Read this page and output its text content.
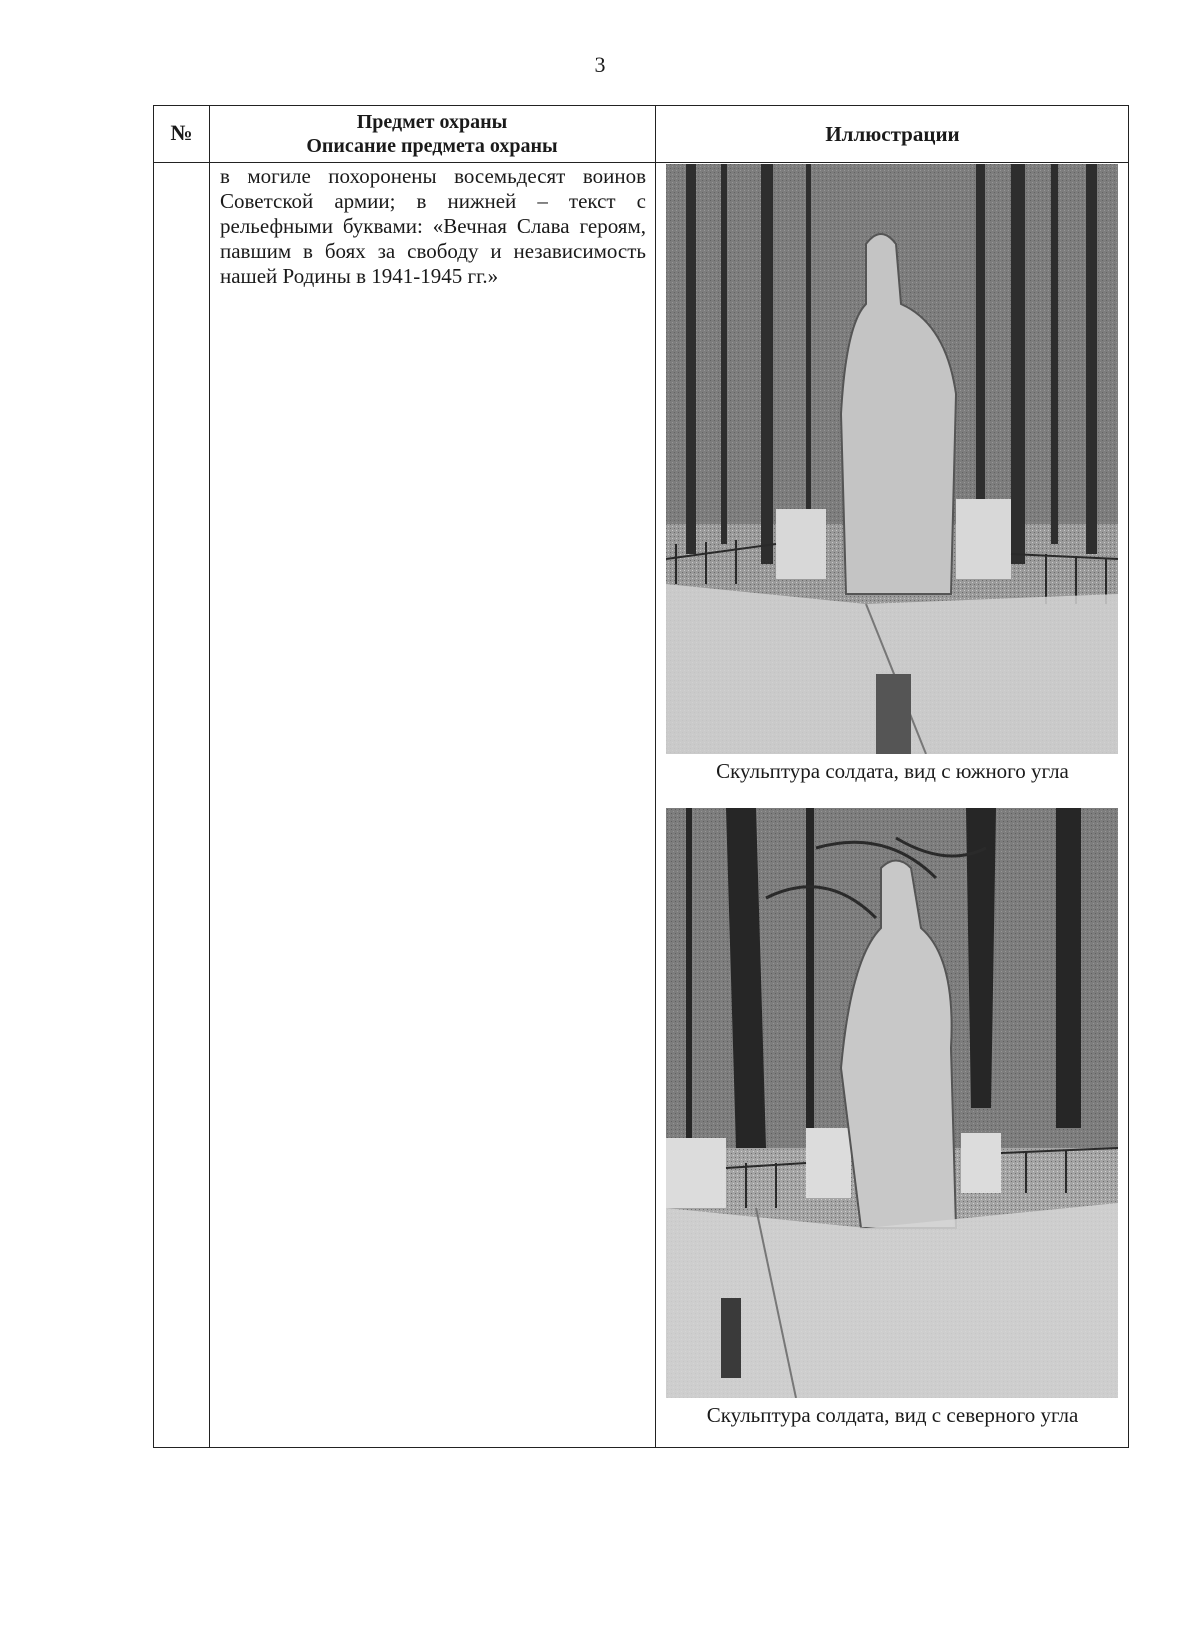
3
№	Предмет охраны
Описание предмета охраны	Иллюстрации
в могиле похоронены восемьдесят воинов Советской армии; в нижней – текст с рельефными буквами: «Вечная Слава героям, павшим в боях за свободу и независимость нашей Родины в 1941-1945 гг.»
Скульптура солдата, вид с южного угла
Скульптура солдата, вид с северного угла
